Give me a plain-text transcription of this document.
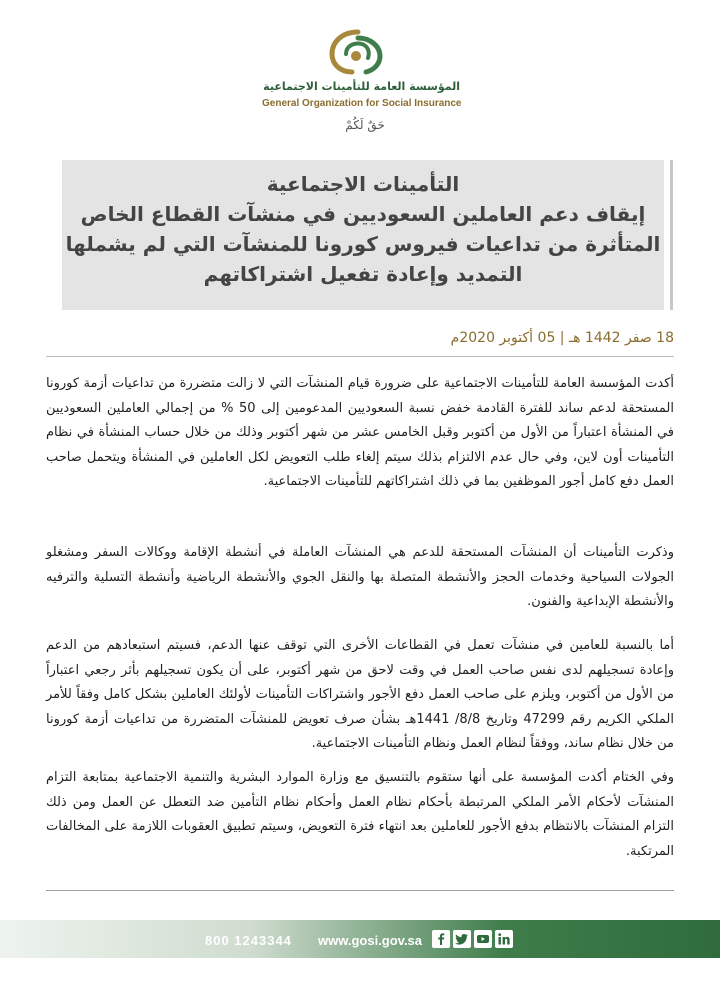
المؤسسة العامة للتأمينات الاجتماعية
General Organization for Social Insurance
حَقٌ لَكُمْ
التأمينات الاجتماعية
إيقاف دعم العاملين السعوديين في منشآت القطاع الخاص
المتأثرة من تداعيات فيروس كورونا للمنشآت التي لم يشملها
التمديد وإعادة تفعيل اشتراكاتهم
18 صفر 1442 هـ | 05 أكتوبر 2020م
أكدت المؤسسة العامة للتأمينات الاجتماعية على ضرورة قيام المنشآت التي لا زالت متضررة من تداعيات أزمة كورونا المستحقة لدعم ساند للفترة القادمة خفض نسبة السعوديين المدعومين إلى 50 % من إجمالي العاملين السعوديين في المنشأة اعتباراً من الأول من أكتوبر وقبل الخامس عشر من شهر أكتوبر وذلك من خلال حساب المنشأة في نظام التأمينات أون لاين، وفي حال عدم الالتزام بذلك سيتم إلغاء طلب التعويض لكل العاملين في المنشأة ويتحمل صاحب العمل دفع كامل أجور الموظفين بما في ذلك اشتراكاتهم للتأمينات الاجتماعية.
وذكرت التأمينات أن المنشآت المستحقة للدعم هي المنشآت العاملة في أنشطة الإقامة ووكالات السفر ومشغلو الجولات السياحية وخدمات الحجز والأنشطة المتصلة بها والنقل الجوي والأنشطة الرياضية وأنشطة التسلية والترفيه والأنشطة الإبداعية والفنون.
أما بالنسبة للعامين في منشآت تعمل في القطاعات الأخرى التي توقف عنها الدعم، فسيتم استبعادهم من الدعم وإعادة تسجيلهم لدى نفس صاحب العمل في وقت لاحق من شهر أكتوبر، على أن يكون تسجيلهم بأثر رجعي اعتباراً من الأول من أكتوبر، ويلزم على صاحب العمل دفع الأجور واشتراكات التأمينات لأولئك العاملين بشكل كامل وفقاً للأمر الملكي الكريم رقم 47299 وتاريخ 8/8/ 1441هـ بشأن صرف تعويض للمنشآت المتضررة من تداعيات أزمة كورونا من خلال نظام ساند، ووفقاً لنظام العمل ونظام التأمينات الاجتماعية.
وفي الختام أكدت المؤسسة على أنها ستقوم بالتنسيق مع وزارة الموارد البشرية والتنمية الاجتماعية بمتابعة التزام المنشآت لأحكام الأمر الملكي المرتبطة بأحكام نظام العمل وأحكام نظام التأمين ضد التعطل عن العمل ومن ذلك التزام المنشآت بالانتظام بدفع الأجور للعاملين بعد انتهاء فترة التعويض، وسيتم تطبيق العقوبات اللازمة على المخالفات المرتكبة.
800 1243344 www.gosi.gov.sa
